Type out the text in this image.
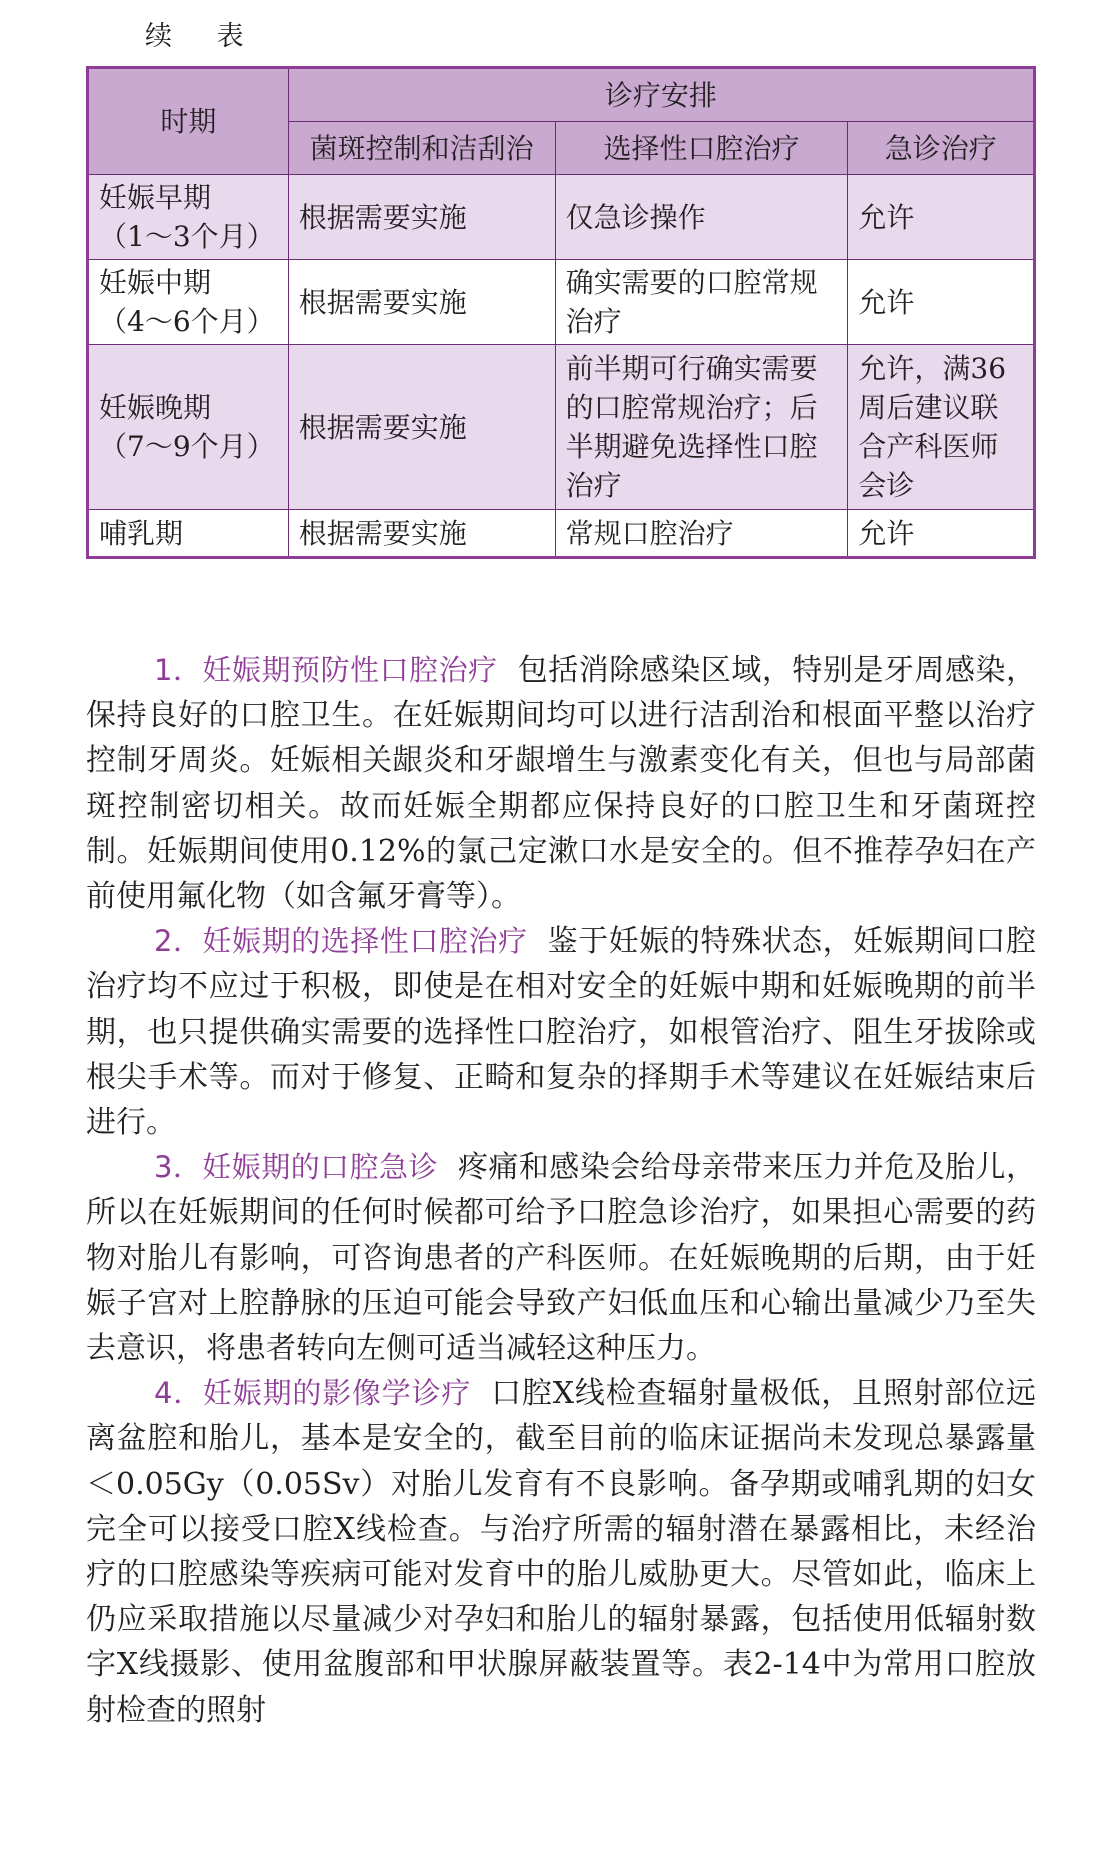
续 表
时期	诊疗安排		
	菌斑控制和洁刮治	选择性口腔治疗	急诊治疗
妊娠早期
（1～3个月）	根据需要实施	仅急诊操作	允许
妊娠中期
（4～6个月）	根据需要实施	确实需要的口腔常规治疗	允许
妊娠晚期
（7～9个月）	根据需要实施	前半期可行确实需要的口腔常规治疗；后半期避免选择性口腔治疗	允许，满36周后建议联合产科医师会诊
哺乳期	根据需要实施	常规口腔治疗	允许

1．妊娠期预防性口腔治疗 包括消除感染区域，特别是牙周感染，保持良好的口腔卫生。在妊娠期间均可以进行洁刮治和根面平整以治疗控制牙周炎。妊娠相关龈炎和牙龈增生与激素变化有关，但也与局部菌斑控制密切相关。故而妊娠全期都应保持良好的口腔卫生和牙菌斑控制。妊娠期间使用0.12%的氯己定漱口水是安全的。但不推荐孕妇在产前使用氟化物（如含氟牙膏等）。

2．妊娠期的选择性口腔治疗 鉴于妊娠的特殊状态，妊娠期间口腔治疗均不应过于积极，即使是在相对安全的妊娠中期和妊娠晚期的前半期，也只提供确实需要的选择性口腔治疗，如根管治疗、阻生牙拔除或根尖手术等。而对于修复、正畸和复杂的择期手术等建议在妊娠结束后进行。

3．妊娠期的口腔急诊 疼痛和感染会给母亲带来压力并危及胎儿，所以在妊娠期间的任何时候都可给予口腔急诊治疗，如果担心需要的药物对胎儿有影响，可咨询患者的产科医师。在妊娠晚期的后期，由于妊娠子宫对上腔静脉的压迫可能会导致产妇低血压和心输出量减少乃至失去意识，将患者转向左侧可适当减轻这种压力。

4．妊娠期的影像学诊疗 口腔X线检查辐射量极低，且照射部位远离盆腔和胎儿，基本是安全的，截至目前的临床证据尚未发现总暴露量＜0.05Gy（0.05Sv）对胎儿发育有不良影响。备孕期或哺乳期的妇女完全可以接受口腔X线检查。与治疗所需的辐射潜在暴露相比，未经治疗的口腔感染等疾病可能对发育中的胎儿威胁更大。尽管如此，临床上仍应采取措施以尽量减少对孕妇和胎儿的辐射暴露，包括使用低辐射数字X线摄影、使用盆腹部和甲状腺屏蔽装置等。表2-14中为常用口腔放射检查的照射
